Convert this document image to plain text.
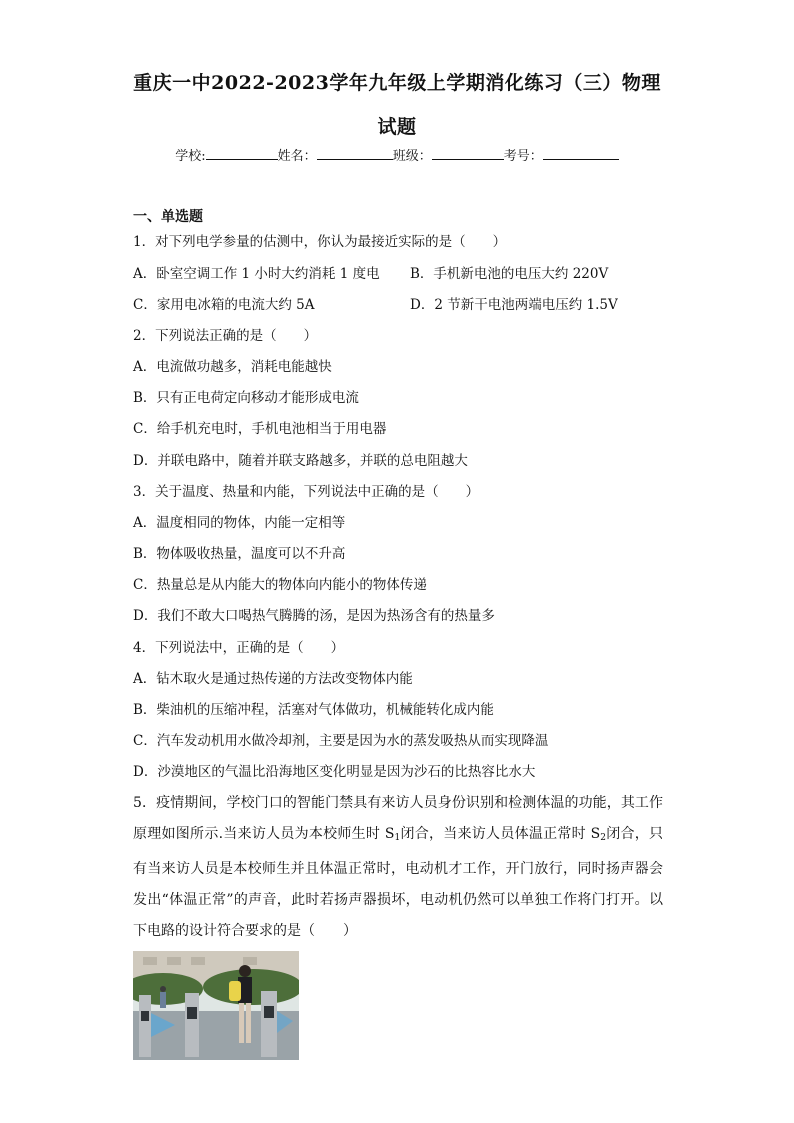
重庆一中2022-2023学年九年级上学期消化练习（三）物理
试题
学校:	姓名：	班级：	考号：
一、单选题
1．对下列电学参量的估测中，你认为最接近实际的是（　　）
A．卧室空调工作 1 小时大约消耗 1 度电 B．手机新电池的电压大约 220V
C．家用电冰箱的电流大约 5A	D．2 节新干电池两端电压约 1.5V
2．下列说法正确的是（　　）
A．电流做功越多，消耗电能越快
B．只有正电荷定向移动才能形成电流
C．给手机充电时，手机电池相当于用电器
D．并联电路中，随着并联支路越多，并联的总电阻越大
3．关于温度、热量和内能，下列说法中正确的是（　　）
A．温度相同的物体，内能一定相等
B．物体吸收热量，温度可以不升高
C．热量总是从内能大的物体向内能小的物体传递
D．我们不敢大口喝热气腾腾的汤，是因为热汤含有的热量多
4．下列说法中，正确的是（　　）
A．钻木取火是通过热传递的方法改变物体内能
B．柴油机的压缩冲程，活塞对气体做功，机械能转化成内能
C．汽车发动机用水做冷却剂，主要是因为水的蒸发吸热从而实现降温
D．沙漠地区的气温比沿海地区变化明显是因为沙石的比热容比水大
5．疫情期间，学校门口的智能门禁具有来访人员身份识别和检测体温的功能，其工作原理如图所示.当来访人员为本校师生时 $S_1$闭合，当来访人员体温正常时 $S_2$闭合，只有当来访人员是本校师生并且体温正常时，电动机才工作，开门放行，同时扬声器会发出“体温正常”的声音，此时若扬声器损坏，电动机仍然可以单独工作将门打开。以下电路的设计符合要求的是（　　）
